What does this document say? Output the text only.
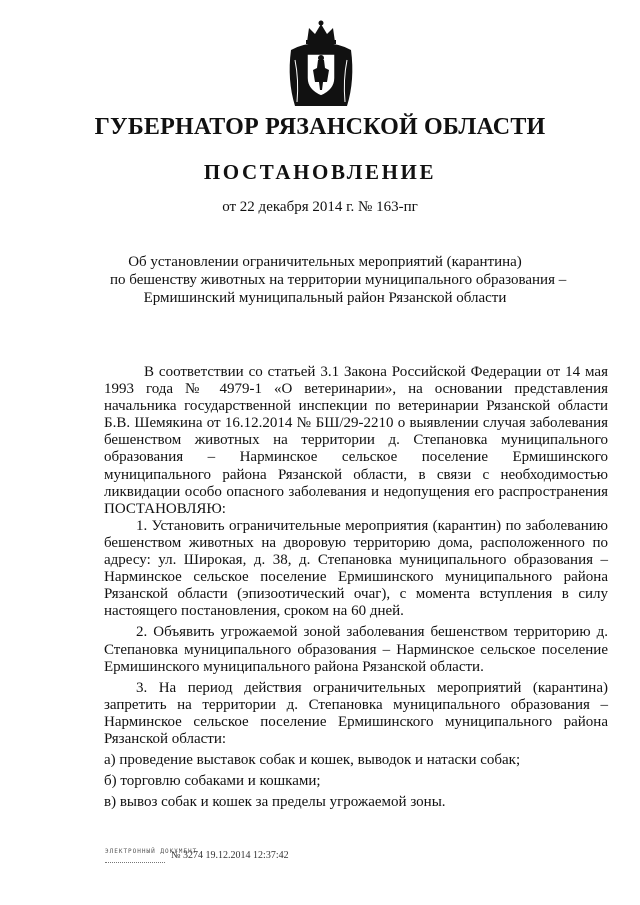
ГУБЕРНАТОР РЯЗАНСКОЙ ОБЛАСТИ
ПОСТАНОВЛЕНИЕ
от 22 декабря 2014 г. № 163-пг
Об установлении ограничительных мероприятий (карантина)
по бешенству животных на территории муниципального образования –
Ермишинский муниципальный район Рязанской области

В соответствии со статьей 3.1 Закона Российской Федерации от 14 мая 1993 года № 4979-1 «О ветеринарии», на основании представления начальника государственной инспекции по ветеринарии Рязанской области Б.В. Шемякина от 16.12.2014 № БШ/29-2210 о выявлении случая заболевания бешенством животных на территории д. Степановка муниципального образования – Нарминское сельское поселение Ермишинского муниципального района Рязанской области, в связи с необходимостью ликвидации особо опасного заболевания и недопущения его распространения ПОСТАНОВЛЯЮ:

1. Установить ограничительные мероприятия (карантин) по заболеванию бешенством животных на дворовую территорию дома, расположенного по адресу: ул. Широкая, д. 38, д. Степановка муниципального образования – Нарминское сельское поселение Ермишинского муниципального района Рязанской области (эпизоотический очаг), с момента вступления в силу настоящего постановления, сроком на 60 дней.

2. Объявить угрожаемой зоной заболевания бешенством территорию д. Степановка муниципального образования – Нарминское сельское поселение Ермишинского муниципального района Рязанской области.

3. На период действия ограничительных мероприятий (карантина) запретить на территории д. Степановка муниципального образования – Нарминское сельское поселение Ермишинского муниципального района Рязанской области:

а) проведение выставок собак и кошек, выводок и натаски собак;

б) торговлю собаками и кошками;

в) вывоз собак и кошек за пределы угрожаемой зоны.

ЭЛЕКТРОННЫЙ ДОКУМЕНТ
№ 3274 19.12.2014 12:37:42
